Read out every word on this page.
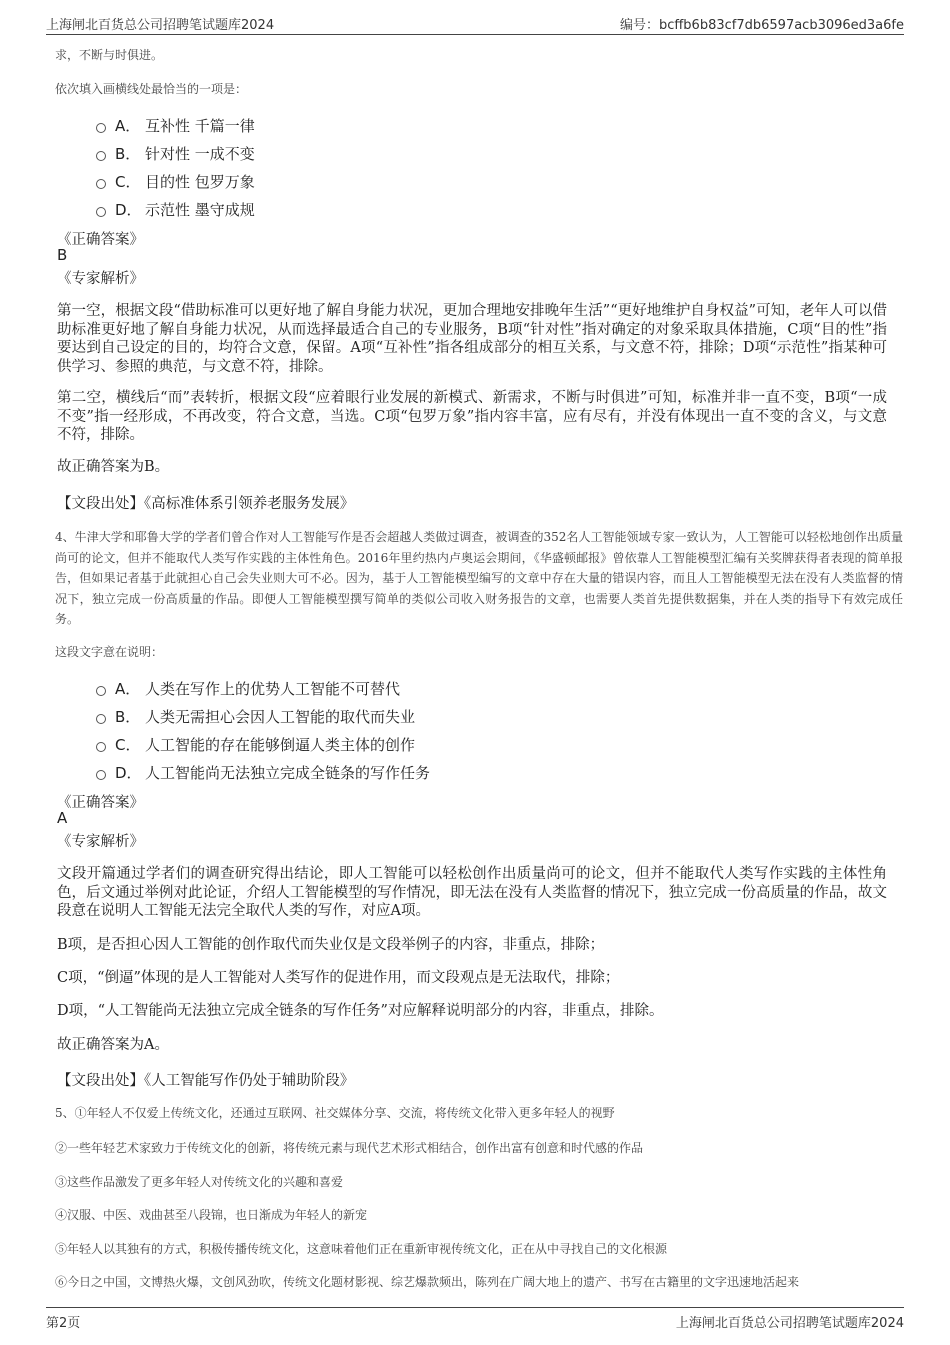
上海闸北百货总公司招聘笔试题库2024	编号：bcffb6b83cf7db6597acb3096ed3a6fe
求，不断与时俱进。
依次填入画横线处最恰当的一项是：
A． 互补性 千篇一律
B． 针对性 一成不变
C． 目的性 包罗万象
D． 示范性 墨守成规
《正确答案》
B
《专家解析》
第一空，根据文段“借助标准可以更好地了解自身能力状况，更加合理地安排晚年生活”“更好地维护自身权益”可知，老年人可以借助标准更好地了解自身能力状况，从而选择最适合自己的专业服务，B项“针对性”指对确定的对象采取具体措施，C项“目的性”指要达到自己设定的目的，均符合文意，保留。A项“互补性”指各组成部分的相互关系，与文意不符，排除；D项“示范性”指某种可供学习、参照的典范，与文意不符，排除。
第二空，横线后“而”表转折，根据文段“应着眼行业发展的新模式、新需求，不断与时俱进”可知，标准并非一直不变，B项“一成不变”指一经形成，不再改变，符合文意，当选。C项“包罗万象”指内容丰富，应有尽有，并没有体现出一直不变的含义，与文意不符，排除。
故正确答案为B。
【文段出处】《高标准体系引领养老服务发展》
4、牛津大学和耶鲁大学的学者们曾合作对人工智能写作是否会超越人类做过调查，被调查的352名人工智能领域专家一致认为，人工智能可以轻松地创作出质量尚可的论文，但并不能取代人类写作实践的主体性角色。2016年里约热内卢奥运会期间，《华盛顿邮报》曾依靠人工智能模型汇编有关奖牌获得者表现的简单报告，但如果记者基于此就担心自己会失业则大可不必。因为，基于人工智能模型编写的文章中存在大量的错误内容，而且人工智能模型无法在没有人类监督的情况下，独立完成一份高质量的作品。即便人工智能模型撰写简单的类似公司收入财务报告的文章，也需要人类首先提供数据集，并在人类的指导下有效完成任务。
这段文字意在说明：
A． 人类在写作上的优势人工智能不可替代
B． 人类无需担心会因人工智能的取代而失业
C． 人工智能的存在能够倒逼人类主体的创作
D． 人工智能尚无法独立完成全链条的写作任务
《正确答案》
A
《专家解析》
文段开篇通过学者们的调查研究得出结论，即人工智能可以轻松创作出质量尚可的论文，但并不能取代人类写作实践的主体性角色，后文通过举例对此论证，介绍人工智能模型的写作情况，即无法在没有人类监督的情况下，独立完成一份高质量的作品，故文段意在说明人工智能无法完全取代人类的写作，对应A项。
B项，是否担心因人工智能的创作取代而失业仅是文段举例子的内容，非重点，排除；
C项，“倒逼”体现的是人工智能对人类写作的促进作用，而文段观点是无法取代，排除；
D项，“人工智能尚无法独立完成全链条的写作任务”对应解释说明部分的内容，非重点，排除。
故正确答案为A。
【文段出处】《人工智能写作仍处于辅助阶段》
5、①年轻人不仅爱上传统文化，还通过互联网、社交媒体分享、交流，将传统文化带入更多年轻人的视野
②一些年轻艺术家致力于传统文化的创新，将传统元素与现代艺术形式相结合，创作出富有创意和时代感的作品
③这些作品激发了更多年轻人对传统文化的兴趣和喜爱
④汉服、中医、戏曲甚至八段锦，也日渐成为年轻人的新宠
⑤年轻人以其独有的方式，积极传播传统文化，这意味着他们正在重新审视传统文化，正在从中寻找自己的文化根源
⑥今日之中国，文博热火爆，文创风劲吹，传统文化题材影视、综艺爆款频出，陈列在广阔大地上的遗产、书写在古籍里的文字迅速地活起来
第2页	上海闸北百货总公司招聘笔试题库2024
